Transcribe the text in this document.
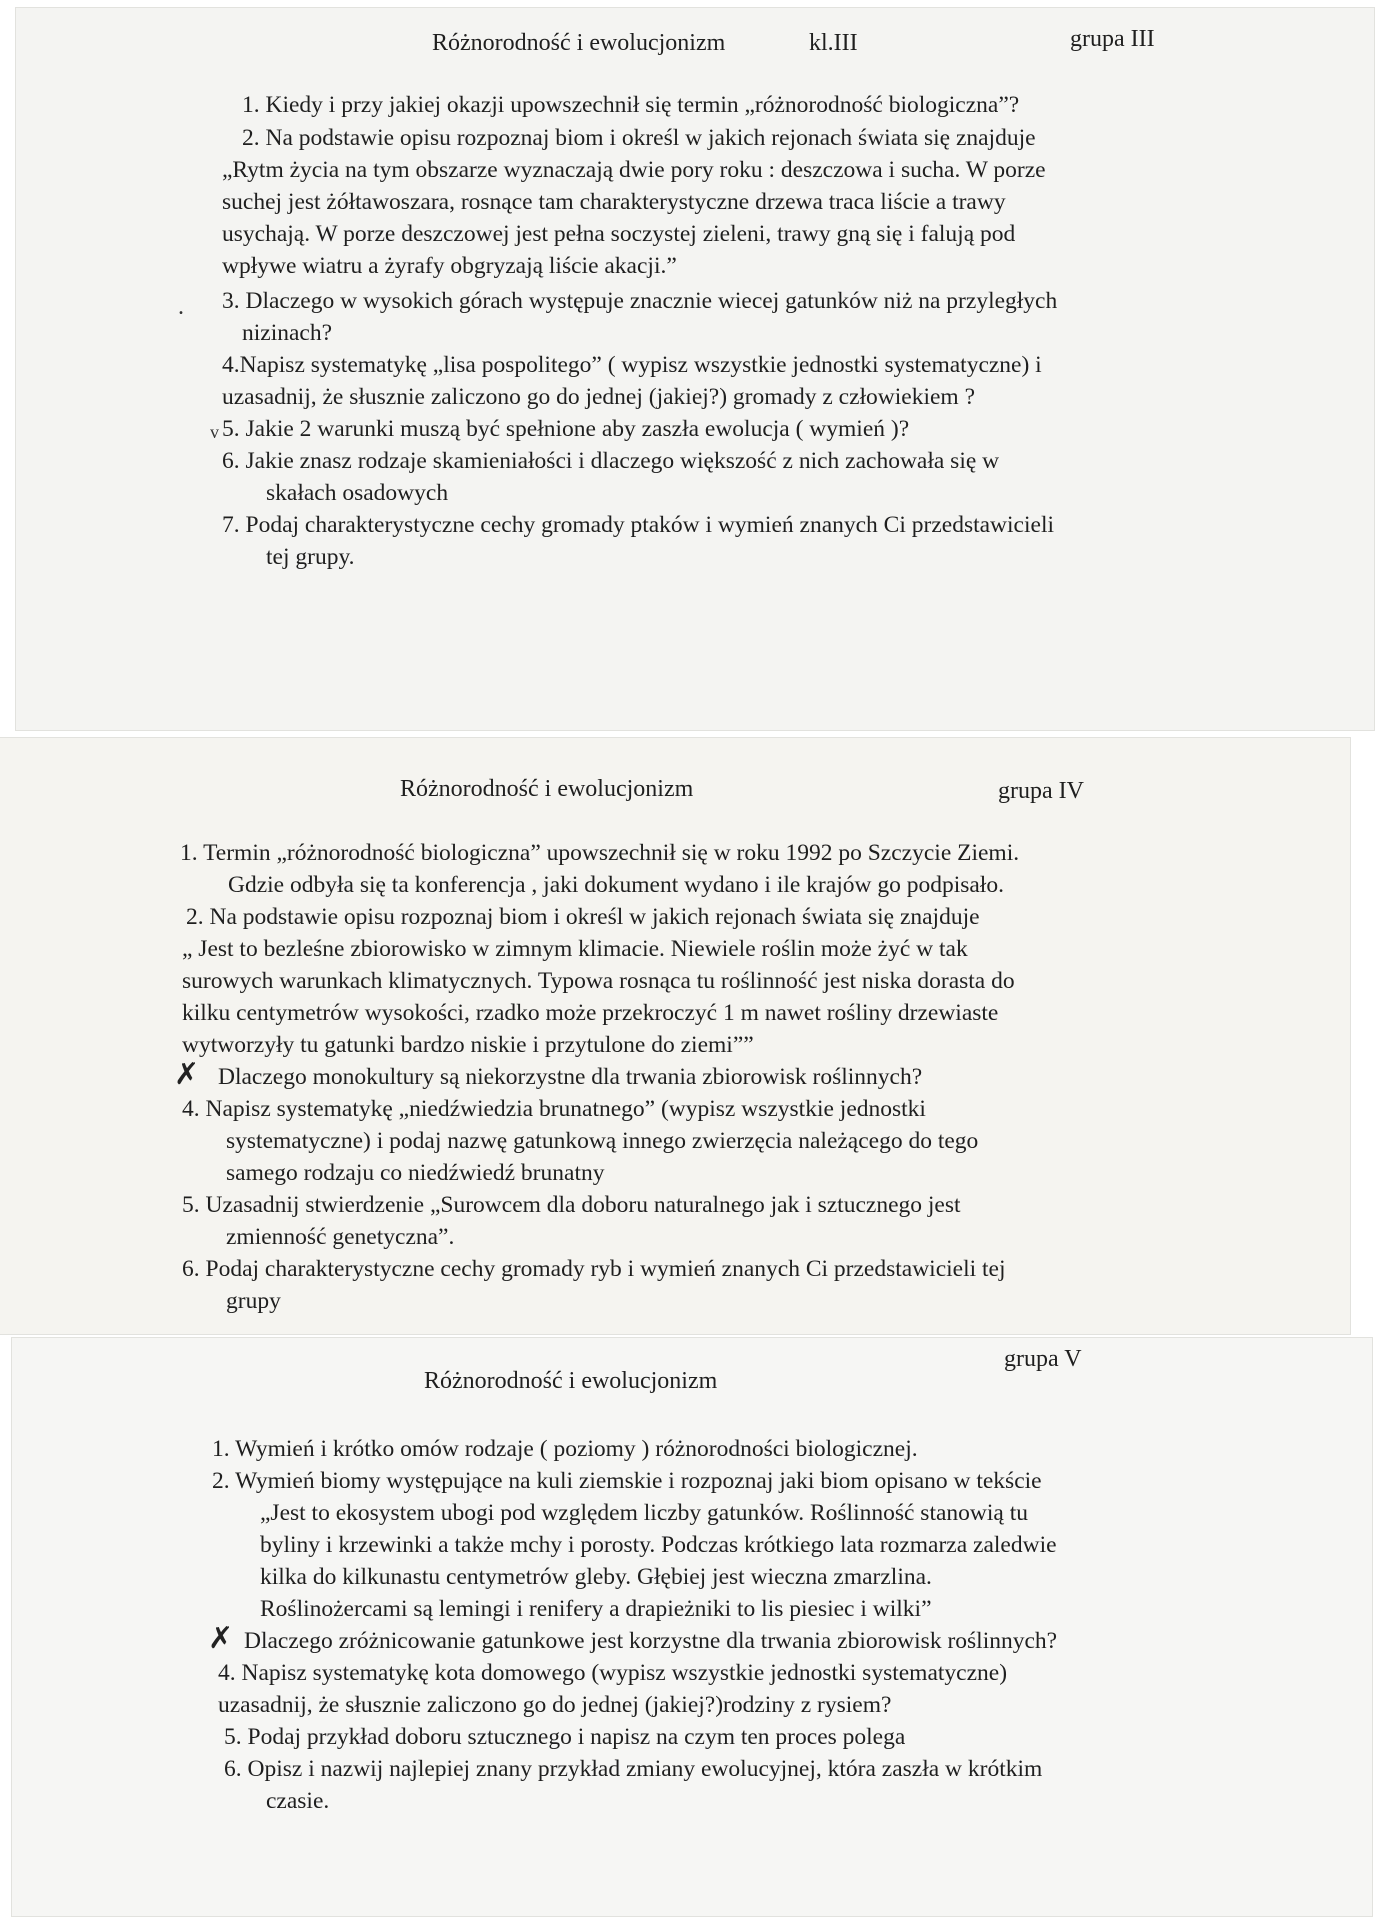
Różnorodność i ewolucjonizm	kl.III	grupa III
1. Kiedy i przy jakiej okazji upowszechnił się termin „różnorodność biologiczna”?
2. Na podstawie opisu rozpoznaj biom i określ w jakich rejonach świata się znajduje
„Rytm życia na tym obszarze wyznaczają dwie pory roku : deszczowa i sucha. W porze
suchej jest żółtawoszara, rosnące tam charakterystyczne drzewa traca liście a trawy
usychają. W porze deszczowej jest pełna soczystej zieleni, trawy gną się i falują pod
wpływe wiatru a żyrafy obgryzają liście akacji.”
. 3. Dlaczego w wysokich górach występuje znacznie wiecej gatunków niż na przyległych
nizinach?
4.Napisz systematykę „lisa pospolitego” ( wypisz wszystkie jednostki systematyczne) i
uzasadnij, że słusznie zaliczono go do jednej (jakiej?) gromady z człowiekiem ?
v 5. Jakie 2 warunki muszą być spełnione aby zaszła ewolucja ( wymień )?
6. Jakie znasz rodzaje skamieniałości i dlaczego większość z nich zachowała się w
skałach osadowych
7. Podaj charakterystyczne cechy gromady ptaków i wymień znanych Ci przedstawicieli
tej grupy.
Różnorodność i ewolucjonizm	grupa IV
1. Termin „różnorodność biologiczna” upowszechnił się w roku 1992 po Szczycie Ziemi.
Gdzie odbyła się ta konferencja , jaki dokument wydano i ile krajów go podpisało.
2. Na podstawie opisu rozpoznaj biom i określ w jakich rejonach świata się znajduje
„ Jest to bezleśne zbiorowisko w zimnym klimacie. Niewiele roślin może żyć w tak
surowych warunkach klimatycznych. Typowa rosnąca tu roślinność jest niska dorasta do
kilku centymetrów wysokości, rzadko może przekroczyć 1 m nawet rośliny drzewiaste
wytworzyły tu gatunki bardzo niskie i przytulone do ziemi””
✗ Dlaczego monokultury są niekorzystne dla trwania zbiorowisk roślinnych?
4. Napisz systematykę „niedźwiedzia brunatnego” (wypisz wszystkie jednostki
systematyczne) i podaj nazwę gatunkową innego zwierzęcia należącego do tego
samego rodzaju co niedźwiedź brunatny
5. Uzasadnij stwierdzenie „Surowcem dla doboru naturalnego jak i sztucznego jest
zmienność genetyczna”.
6. Podaj charakterystyczne cechy gromady ryb i wymień znanych Ci przedstawicieli tej
grupy
Różnorodność i ewolucjonizm
grupa V
1. Wymień i krótko omów rodzaje ( poziomy ) różnorodności biologicznej.
2. Wymień biomy występujące na kuli ziemskie i rozpoznaj jaki biom opisano w tekście
„Jest to ekosystem ubogi pod względem liczby gatunków. Roślinność stanowią tu
byliny i krzewinki a także mchy i porosty. Podczas krótkiego lata rozmarza zaledwie
kilka do kilkunastu centymetrów gleby. Głębiej jest wieczna zmarzlina.
Roślinożercami są lemingi i renifery a drapieżniki to lis piesiec i wilki”
✗ Dlaczego zróżnicowanie gatunkowe jest korzystne dla trwania zbiorowisk roślinnych?
4. Napisz systematykę kota domowego (wypisz wszystkie jednostki systematyczne)
uzasadnij, że słusznie zaliczono go do jednej (jakiej?)rodziny z rysiem?
5. Podaj przykład doboru sztucznego i napisz na czym ten proces polega
6. Opisz i nazwij najlepiej znany przykład zmiany ewolucyjnej, która zaszła w krótkim
czasie.
